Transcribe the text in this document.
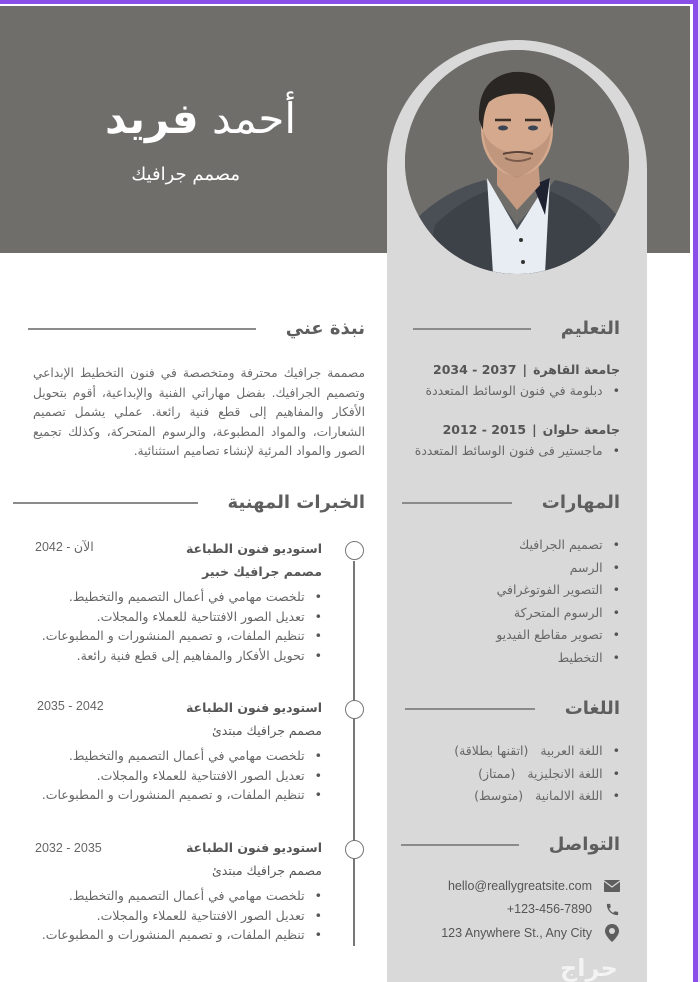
أحمد فريد
مصمم جرافيك
نبذة عني

مصممة جرافيك محترفة ومتخصصة في فنون التخطيط الإبداعي وتصميم الجرافيك. بفضل مهاراتي الفنية والإبداعية، أقوم بتحويل الأفكار والمفاهيم إلى قطع فنية رائعة. عملي يشمل تصميم الشعارات، والمواد المطبوعة، والرسوم المتحركة، وكذلك تجميع الصور والمواد المرئية لإنشاء تصاميم استثنائية.

الخبرات المهنية
استوديو فنون الطباعة
مصمم جرافيك خبير
• تلخصت مهامي في أعمال التصميم والتخطيط.
• تعديل الصور الافتتاحية للعملاء والمجلات.
• تنظيم الملفات، و تصميم المنشورات و المطبوعات.
• تحويل الأفكار والمفاهيم إلى قطع فنية رائعة.
2042 - الآن
استوديو فنون الطباعة
مصمم جرافيك مبتدئ
• تلخصت مهامي في أعمال التصميم والتخطيط.
• تعديل الصور الافتتاحية للعملاء والمجلات.
• تنظيم الملفات، و تصميم المنشورات و المطبوعات.
2035 - 2042
استوديو فنون الطباعة
مصمم جرافيك مبتدئ
• تلخصت مهامي في أعمال التصميم والتخطيط.
• تعديل الصور الافتتاحية للعملاء والمجلات.
• تنظيم الملفات، و تصميم المنشورات و المطبوعات.
2032 - 2035
التعليم
جامعة القاهرة|2034 - 2037
• دبلومة في فنون الوسائط المتعددة
جامعة حلوان|2012 - 2015
• ماجستير فى فنون الوسائط المتعددة
المهارات
• تصميم الجرافيك
• الرسم
• التصوير الفوتوغرافي
• الرسوم المتحركة
• تصوير مقاطع الفيديو
• التخطيط
اللغات
• اللغة العربية   (اتقنها بطلاقة)
• اللغة الانجليزية   (ممتاز)
• اللغة الالمانية   (متوسط)
التواصل
hello@reallygreatsite.com
+123-456-7890
123 Anywhere St., Any City
حراج
